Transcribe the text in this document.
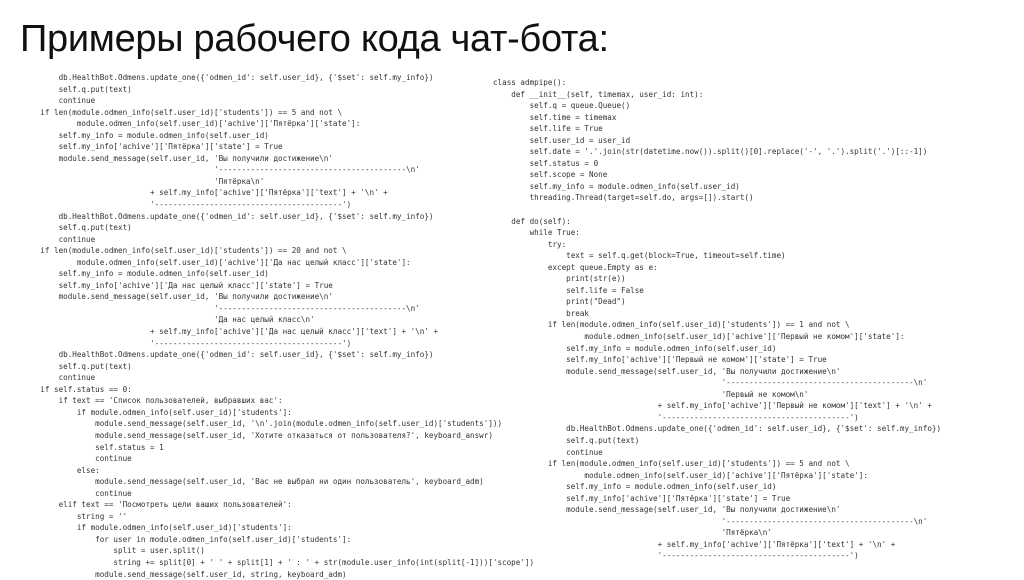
Примеры рабочего кода чат-бота:
db.HealthBot.Odmens.update_one({'odmen_id': self.user_id}, {'$set': self.my_info})
self.q.put(text)
continue
if len(module.odmen_info(self.user_id)['students']) == 5 and not \
module.odmen_info(self.user_id)['achive']['Пятёрка']['state']:
self.my_info = module.odmen_info(self.user_id)
self.my_info['achive']['Пятёрка']['state'] = True
module.send_message(self.user_id, 'Вы получили достижение\n'
'-----------------------------------------\n'
'Пятёрка\n'
+ self.my_info['achive']['Пятёрка']['text'] + '\n' +
'-----------------------------------------')
db.HealthBot.Odmens.update_one({'odmen_id': self.user_id}, {'$set': self.my_info})
self.q.put(text)
continue
if len(module.odmen_info(self.user_id)['students']) == 20 and not \
module.odmen_info(self.user_id)['achive']['Да нас целый класс']['state']:
self.my_info = module.odmen_info(self.user_id)
self.my_info['achive']['Да нас целый класс']['state'] = True
module.send_message(self.user_id, 'Вы получили достижение\n'
'-----------------------------------------\n'
'Да нас целый класс\n'
+ self.my_info['achive']['Да нас целый класс']['text'] + '\n' +
'-----------------------------------------')
db.HealthBot.Odmens.update_one({'odmen_id': self.user_id}, {'$set': self.my_info})
self.q.put(text)
continue
if self.status == 0:
if text == 'Список пользователей, выбравших вас':
if module.odmen_info(self.user_id)['students']:
module.send_message(self.user_id, '\n'.join(module.odmen_info(self.user_id)['students']))
module.send_message(self.user_id, 'Хотите отказаться от пользователя?', keyboard_answr)
self.status = 1
continue
else:
module.send_message(self.user_id, 'Вас не выбрал ни один пользователь', keyboard_adm)
continue
elif text == 'Посмотреть цели ваших пользователей':
string = ''
if module.odmen_info(self.user_id)['students']:
for user in module.odmen_info(self.user_id)['students']:
split = user.split()
string += split[0] + ' ' + split[1] + ' : ' + str(module.user_info(int(split[-1]))['scope'])
module.send_message(self.user_id, string, keyboard_adm)
class admpipe():
def __init__(self, timemax, user_id: int):
self.q = queue.Queue()
self.time = timemax
self.life = True
self.user_id = user_id
self.date = '.'.join(str(datetime.now()).split()[0].replace('-', '.').split('.')[::-1])
self.status = 0
self.scope = None
self.my_info = module.odmen_info(self.user_id)
threading.Thread(target=self.do, args=[]).start()

def do(self):
while True:
try:
text = self.q.get(block=True, timeout=self.time)
except queue.Empty as e:
print(str(e))
self.life = False
print("Dead")
break
if len(module.odmen_info(self.user_id)['students']) == 1 and not \
module.odmen_info(self.user_id)['achive']['Первый не комом']['state']:
self.my_info = module.odmen_info(self.user_id)
self.my_info['achive']['Первый не комом']['state'] = True
module.send_message(self.user_id, 'Вы получили достижение\n'
'-----------------------------------------\n'
'Первый не комом\n'
+ self.my_info['achive']['Первый не комом']['text'] + '\n' +
'-----------------------------------------')
db.HealthBot.Odmens.update_one({'odmen_id': self.user_id}, {'$set': self.my_info})
self.q.put(text)
continue
if len(module.odmen_info(self.user_id)['students']) == 5 and not \
module.odmen_info(self.user_id)['achive']['Пятёрка']['state']:
self.my_info = module.odmen_info(self.user_id)
self.my_info['achive']['Пятёрка']['state'] = True
module.send_message(self.user_id, 'Вы получили достижение\n'
'-----------------------------------------\n'
'Пятёрка\n'
+ self.my_info['achive']['Пятёрка']['text'] + '\n' +
'-----------------------------------------')
